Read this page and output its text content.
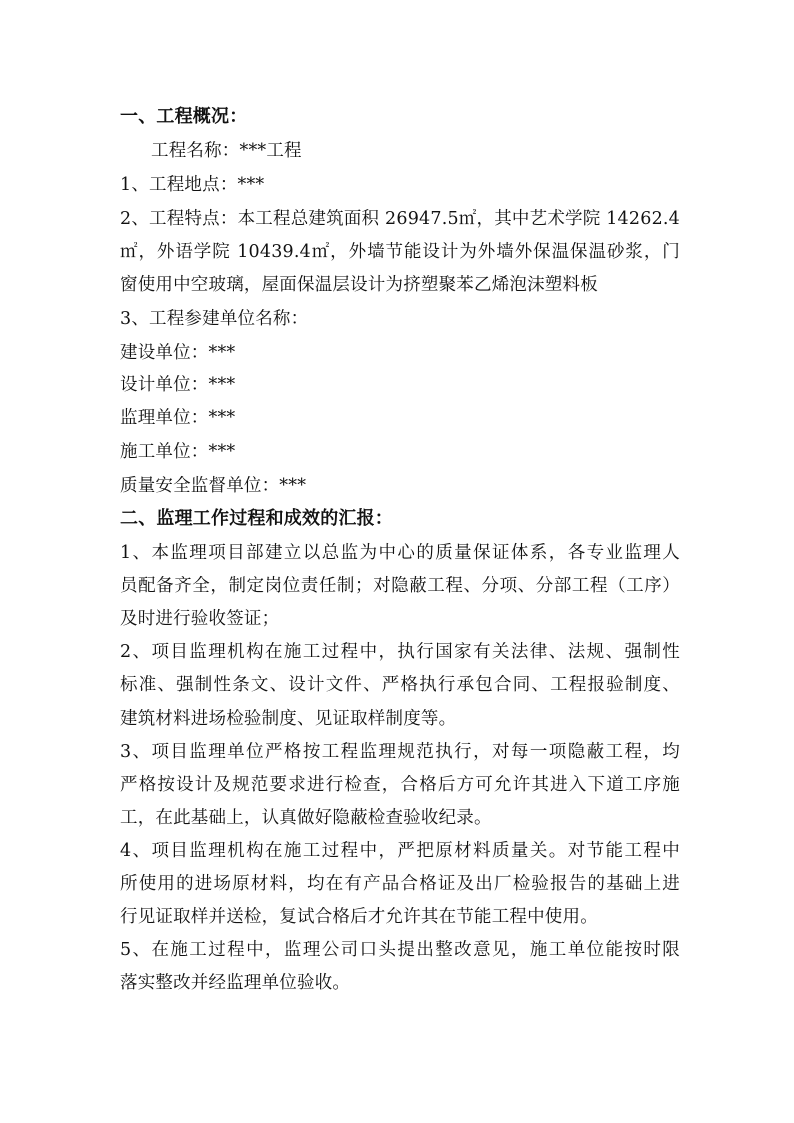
一、工程概况：
工程名称：***工程
1、工程地点：***
2、工程特点：本工程总建筑面积 26947.5㎡，其中艺术学院 14262.4
㎡，外语学院 10439.4㎡，外墙节能设计为外墙外保温保温砂浆，门
窗使用中空玻璃，屋面保温层设计为挤塑聚苯乙烯泡沫塑料板
3、工程参建单位名称：
建设单位：***
设计单位：***
监理单位：***
施工单位：***
质量安全监督单位：***
二、监理工作过程和成效的汇报：
1、本监理项目部建立以总监为中心的质量保证体系，各专业监理人
员配备齐全，制定岗位责任制；对隐蔽工程、分项、分部工程（工序）
及时进行验收签证；
2、项目监理机构在施工过程中，执行国家有关法律、法规、强制性
标准、强制性条文、设计文件、严格执行承包合同、工程报验制度、
建筑材料进场检验制度、见证取样制度等。
3、项目监理单位严格按工程监理规范执行，对每一项隐蔽工程，均
严格按设计及规范要求进行检查，合格后方可允许其进入下道工序施
工，在此基础上，认真做好隐蔽检查验收纪录。
4、项目监理机构在施工过程中，严把原材料质量关。对节能工程中
所使用的进场原材料，均在有产品合格证及出厂检验报告的基础上进
行见证取样并送检，复试合格后才允许其在节能工程中使用。
5、在施工过程中，监理公司口头提出整改意见，施工单位能按时限
落实整改并经监理单位验收。
